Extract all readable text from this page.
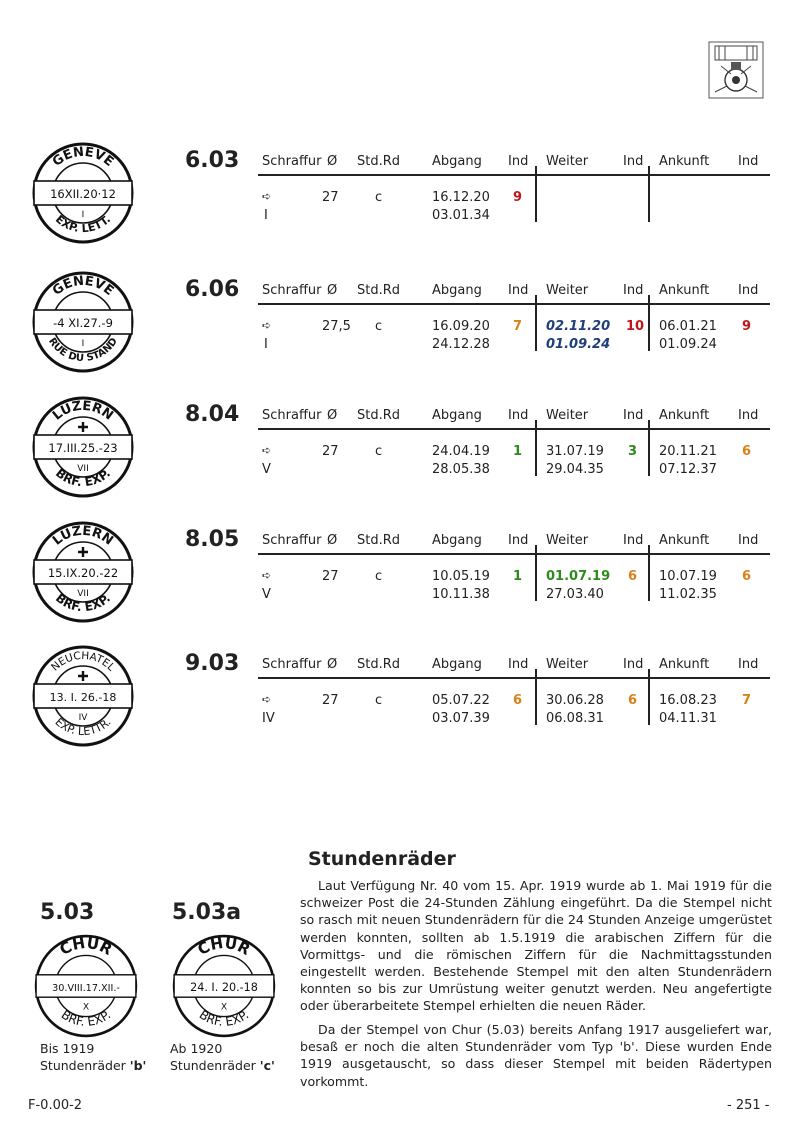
GENEVE
16XII.20·12
I
EXP. LETT.
6.03 Schraffur Ø Std.Rd Abgang Ind Weiter	Ind Ankunft Ind
➪	27	c	16.12.20 9
I	03.01.34
GENÈVE
-4 XI.27.-9
I
RUE DU STAND
6.06 Schraffur Ø Std.Rd Abgang Ind Weiter	Ind Ankunft Ind
➪	27,5 c	16.09.20 7 02.11.20 10 06.01.21 9
I	24.12.28	01.09.24	01.09.24
LUZERN
17.III.25.-23
VII
BRF. EXP.
8.04 Schraffur Ø Std.Rd Abgang Ind Weiter	Ind Ankunft Ind
➪	27	c	24.04.19 1 31.07.19 3 20.11.21 6
V	28.05.38	29.04.35	07.12.37
LUZERN
15.IX.20.-22
VII
BRF. EXP.
8.05 Schraffur Ø Std.Rd Abgang Ind Weiter	Ind Ankunft Ind
➪	27	c	10.05.19 1 01.07.19 6 10.07.19 6
V	10.11.38	27.03.40	11.02.35
NEUCHATEL
13. I. 26.-18
IV
EXP. LETTR.
9.03 Schraffur Ø Std.Rd Abgang Ind Weiter	Ind Ankunft Ind
➪	27	c	05.07.22 6 30.06.28 6 16.08.23 7
IV	03.07.39	06.08.31	04.11.31
5.03	5.03a
CHUR
30.VIII.17.XII.-
X
BRF. EXP.
CHUR
24. I. 20.-18
X
BRF. EXP.
Bis 1919
Stundenräder 'b'
Ab 1920
Stundenräder 'c'
Stundenräder
Laut Verfügung Nr. 40 vom 15. Apr. 1919 wurde ab 1. Mai 1919 für die schweizer Post die 24-Stunden Zählung eingeführt. Da die Stempel nicht so rasch mit neuen Stundenrädern für die 24 Stunden Anzeige umgerüstet werden konnten, sollten ab 1.5.1919 die arabischen Ziffern für die Vormittgs- und die römischen Ziffern für die Nachmittagsstunden eingestellt werden. Bestehende Stempel mit den alten Stundenrädern konnten so bis zur Umrüstung weiter genutzt werden. Neu angefertigte oder überarbeitete Stempel erhielten die neuen Räder.
Da der Stempel von Chur (5.03) bereits Anfang 1917 ausgeliefert war, besaß er noch die alten Stundenräder vom Typ 'b'. Diese wurden Ende 1919 ausgetauscht, so dass dieser Stempel mit beiden Rädertypen vorkommt.
F-0.00-2	- 251 -
